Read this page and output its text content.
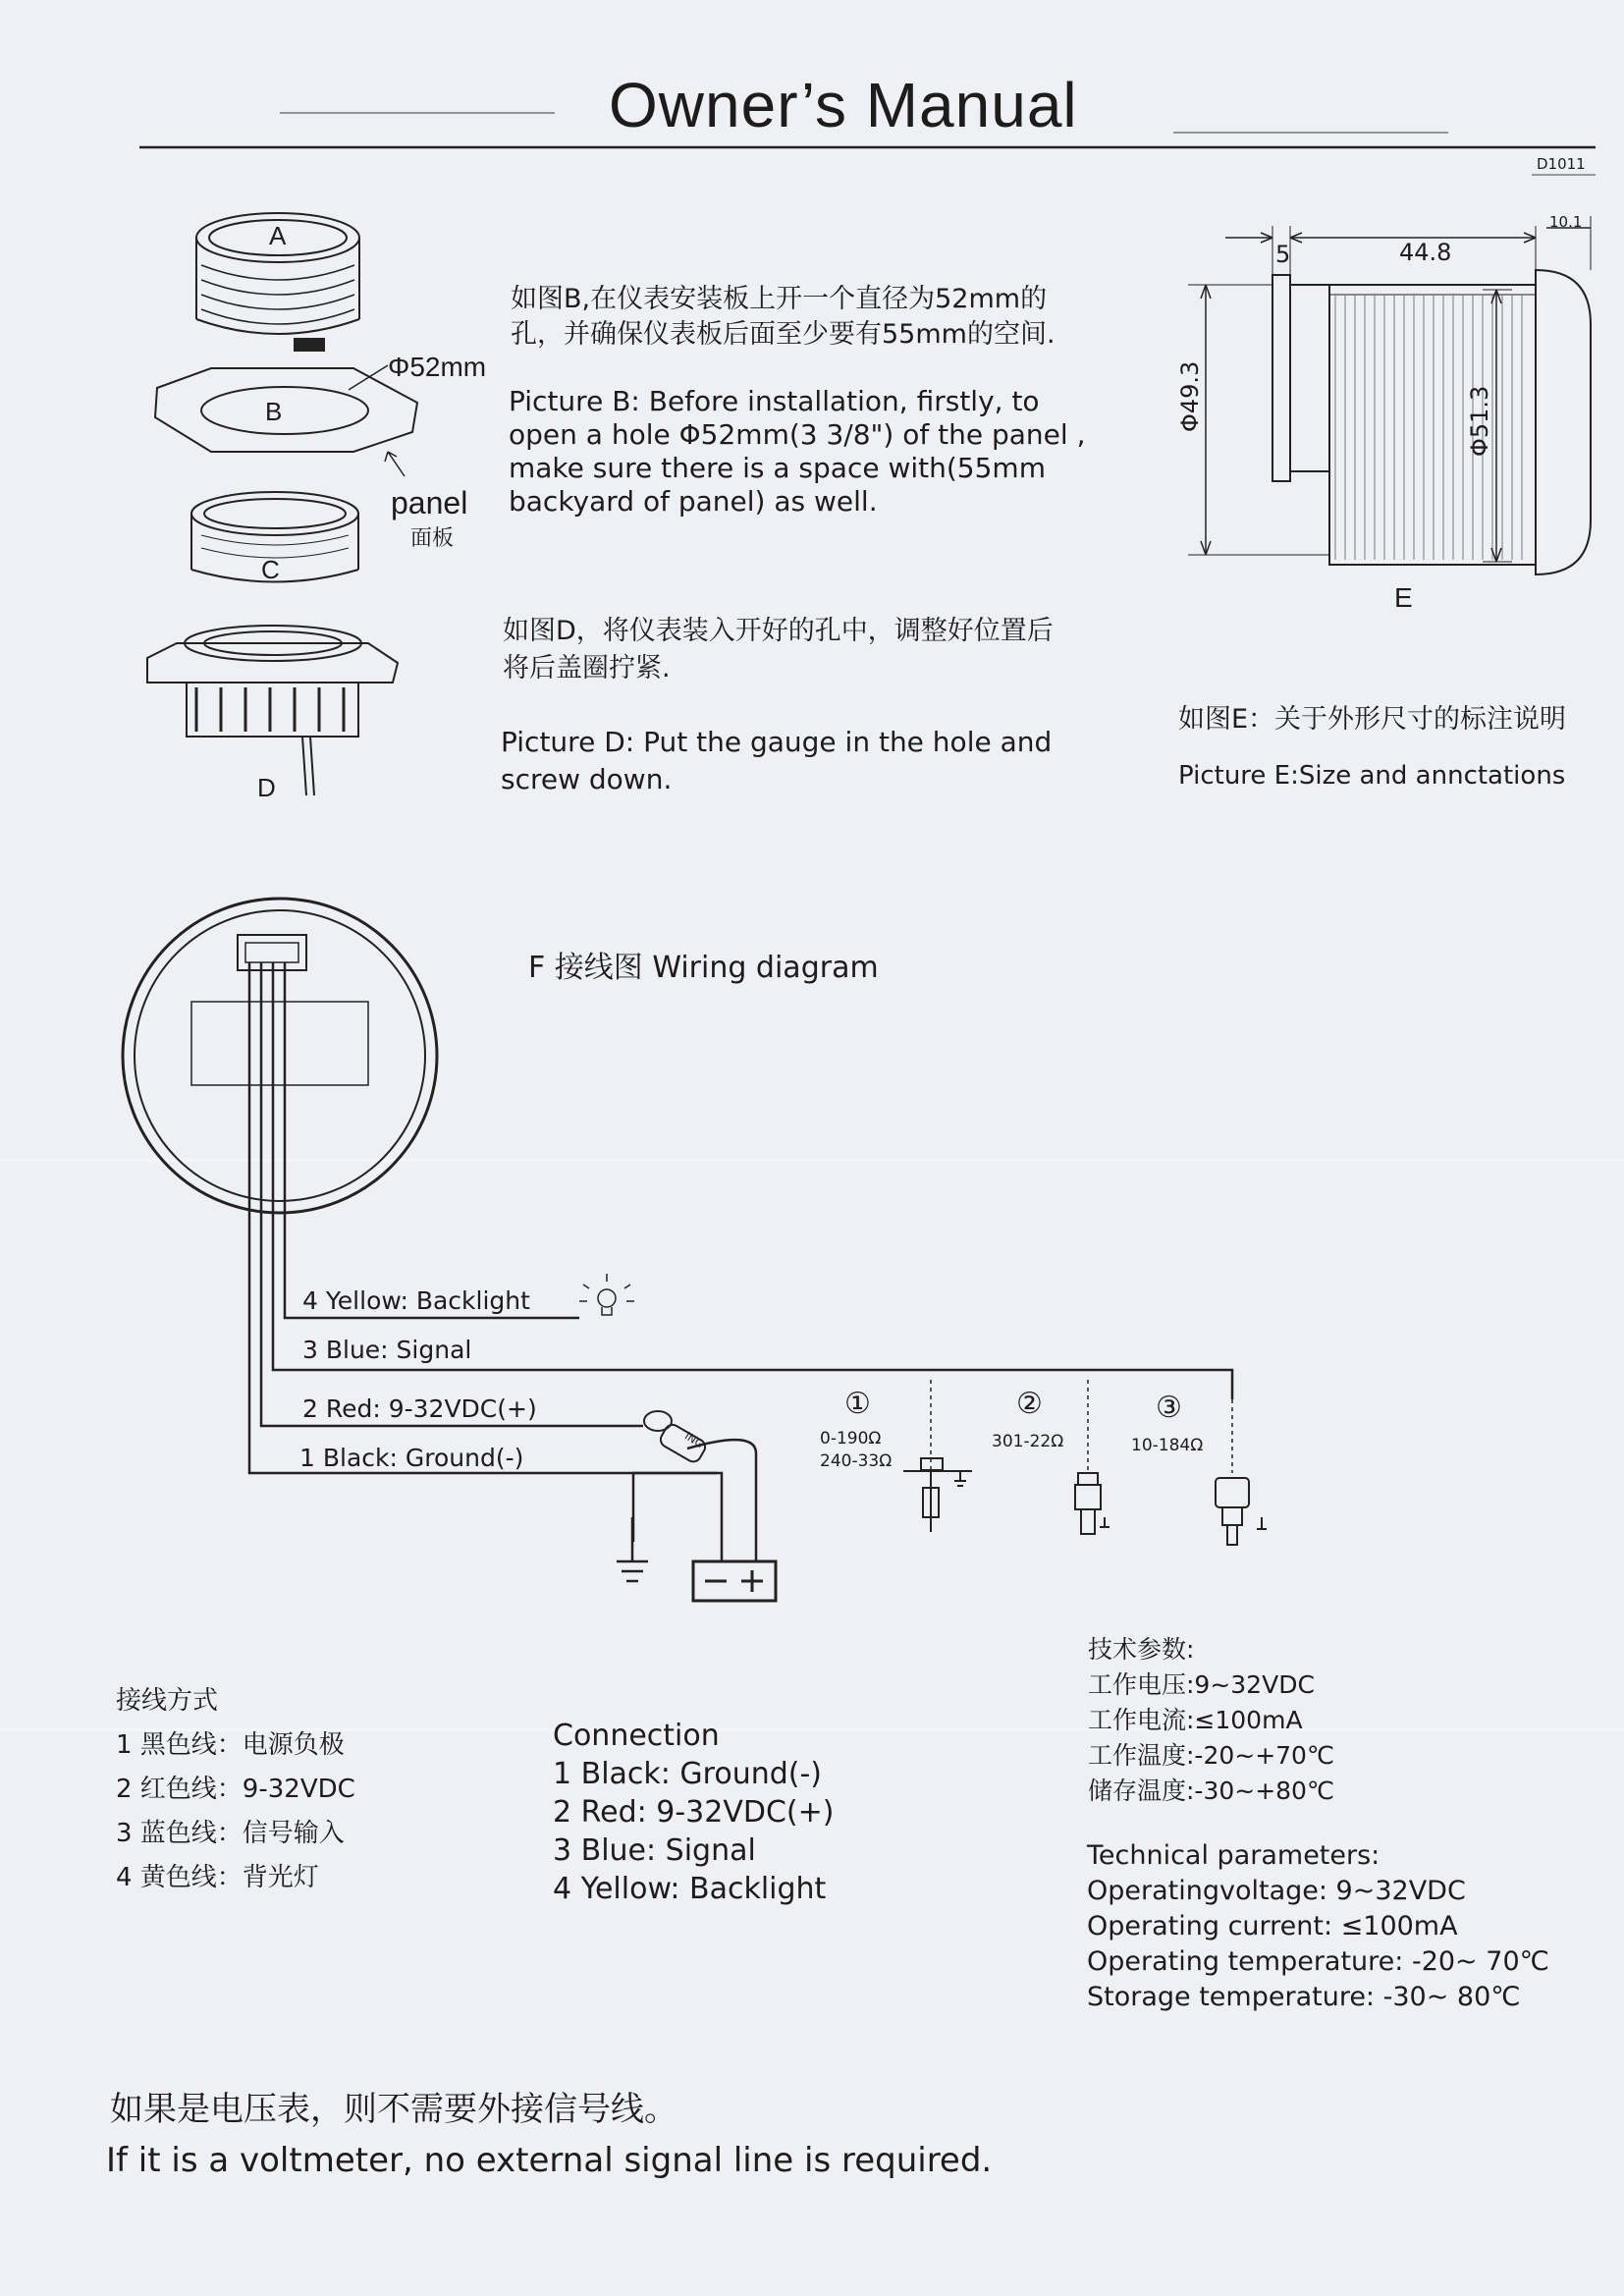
Owner’s Manual
D1011
A
B
Φ52mm
panel
面板
C
D
E
5	44.8
10.1
Φ49.3	Φ51.3
如图B,在仪表安装板上开一个直径为52mm的
孔，并确保仪表板后面至少要有55mm的空间.
Picture B: Before installation, firstly, to
open a hole Φ52mm(3 3/8") of the panel ,
make sure there is a space with(55mm
backyard of panel) as well.
如图D，将仪表装入开好的孔中，调整好位置后
将后盖圈拧紧.
Picture D: Put the gauge in the hole and
screw down.
如图E：关于外形尺寸的标注说明
Picture E:Size and annctations
F 接线图 Wiring diagram
4 Yellow: Backlight
3 Blue: Signal
2 Red: 9-32VDC(+)
1 Black: Ground(-)
ING
①
0-190Ω
240-33Ω
②
301-22Ω
③
10-184Ω
接线方式
1 黑色线：电源负极
2 红色线：9-32VDC
3 蓝色线：信号输入
4 黄色线：背光灯
Connection
1 Black: Ground(-)
2 Red: 9-32VDC(+)
3 Blue: Signal
4 Yellow: Backlight
技术参数:
工作电压:9~32VDC
工作电流:≤100mA
工作温度:-20~+70℃
储存温度:-30~+80℃
Technical parameters:
Operatingvoltage: 9~32VDC
Operating current: ≤100mA
Operating temperature: -20~ 70℃
Storage temperature: -30~ 80℃
如果是电压表，则不需要外接信号线。
If it is a voltmeter, no external signal line is required.
